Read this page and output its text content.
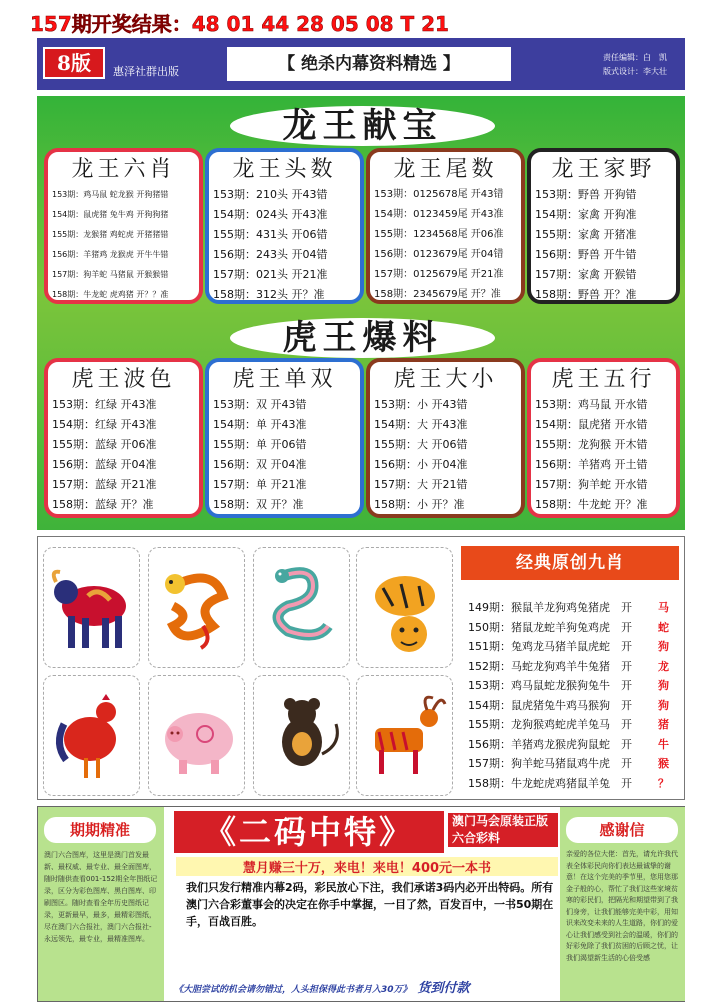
157期开奖结果：48 01 44 28 05 08 T 21
8版	惠泽社群出版	【 绝杀内幕资料精选 】	责任编辑：白　凯
版式设计：李大壮
龙王献宝
虎王爆料
龙王六肖
153期：鸡马鼠 蛇龙猴 开狗猪错
154期：鼠虎猪 兔牛鸡 开狗狗猪
155期：龙猴猪 鸡蛇虎 开猪猪错
156期：羊猪鸡 龙猴虎 开牛牛错
157期：狗羊蛇 马猪鼠 开猴猴错
158期：牛龙蛇 虎鸡猪 开？？准
龙王头数
153期：210头 开43错
154期：024头 开43准
155期：431头 开06错
156期：243头 开04错
157期：021头 开21准
158期：312头 开？准
龙王尾数
153期：0125678尾 开43错
154期：0123459尾 开43准
155期：1234568尾 开06准
156期：0123679尾 开04错
157期：0125679尾 开21准
158期：2345679尾 开？准
龙王家野
153期：野兽 开狗错
154期：家禽 开狗准
155期：家禽 开猪准
156期：野兽 开牛错
157期：家禽 开猴错
158期：野兽 开？准
虎王波色
153期：红绿 开43准
154期：红绿 开43准
155期：蓝绿 开06准
156期：蓝绿 开04准
157期：蓝绿 开21准
158期：蓝绿 开？准
虎王单双
153期：双 开43错
154期：单 开43准
155期：单 开06错
156期：双 开04准
157期：单 开21准
158期：双 开？准
虎王大小
153期：小 开43错
154期：大 开43准
155期：大 开06错
156期：小 开04准
157期：大 开21错
158期：小 开？准
虎王五行
153期：鸡马鼠 开水错
154期：鼠虎猪 开水错
155期：龙狗猴 开木错
156期：羊猪鸡 开土错
157期：狗羊蛇 开水错
158期：牛龙蛇 开？准
经典原创九肖
149期：猴鼠羊龙狗鸡兔猪虎　开 马
150期：猪鼠龙蛇羊狗兔鸡虎　开 蛇
151期：兔鸡龙马猪羊鼠虎蛇　开 狗
152期：马蛇龙狗鸡羊牛兔猪　开 龙
153期：鸡马鼠蛇龙猴狗兔牛　开 狗
154期：鼠虎猪兔牛鸡马猴狗　开 狗
155期：龙狗猴鸡蛇虎羊兔马　开 猪
156期：羊猪鸡龙猴虎狗鼠蛇　开 牛
157期：狗羊蛇马猪鼠鸡牛虎　开 猴
158期：牛龙蛇虎鸡猪鼠羊兔　开 ？
期期精准
澳门六合图库，这里是澳门首发最新、最权威、最专业、最全面图库，随时随供查看001-152期全年图纸记录，区分为彩色图库、黑白图库、印刷图区。随时查看全年历史图纸记录，更新最早，最多，最精彩图纸，尽在澳门六合报社，澳门六合报社-永远领先，最专业，最精准图库。
《二码中特》	澳门马会原装正版六合彩料
慧月赚三十万，来电！来电！400元一本书
我们只发行精准内幕2码，彩民放心下注，我们承诺3码内必开出特码。所有澳门六合彩董事会的决定在你手中掌握，一目了然，百发百中，一书50期在手，百战百胜。
《大胆尝试的机会请勿错过，人头担保得此书者月入30万》 货到付款
感谢信
亲爱的各位大佬：首先，请允许我代表全体彩民向你们表达最诚挚的谢意！在这个完美的季节里，您用您那金子般的心，帮忙了我们这些家境贫寒的彩民们，把隔光和期望带到了我们身旁，让我们能够完美中彩，用知识来改变未来的人生道路，你们的爱心让我们感受到社会的温暖，你们的好彩免除了我们贫困的后顾之忧，让我们渴望新生活的心倍受感
